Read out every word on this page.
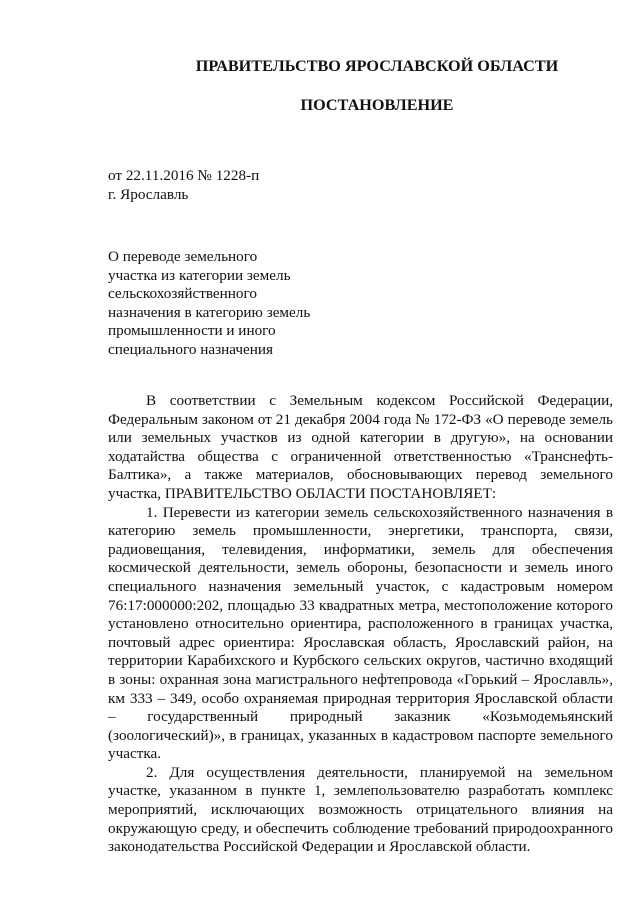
ПРАВИТЕЛЬСТВО ЯРОСЛАВСКОЙ ОБЛАСТИ
ПОСТАНОВЛЕНИЕ
от 22.11.2016 № 1228-п
г. Ярославль
О переводе земельного
участка из категории земель
сельскохозяйственного
назначения в категорию земель
промышленности и иного
специального назначения

В соответствии с Земельным кодексом Российской Федерации, Федеральным законом от 21 декабря 2004 года № 172-ФЗ «О переводе земель или земельных участков из одной категории в другую», на основании ходатайства общества с ограниченной ответственностью «Транснефть-Балтика», а также материалов, обосновывающих перевод земельного участка, ПРАВИТЕЛЬСТВО ОБЛАСТИ ПОСТАНОВЛЯЕТ:

1. Перевести из категории земель сельскохозяйственного назначения в категорию земель промышленности, энергетики, транспорта, связи, радиовещания, телевидения, информатики, земель для обеспечения космической деятельности, земель обороны, безопасности и земель иного специального назначения земельный участок, с кадастровым номером 76:17:000000:202, площадью 33 квадратных метра, местоположение которого установлено относительно ориентира, расположенного в границах участка, почтовый адрес ориентира: Ярославская область, Ярославский район, на территории Карабихского и Курбского сельских округов, частично входящий в зоны: охранная зона магистрального нефтепровода «Горький – Ярославль», км 333 – 349, особо охраняемая природная территория Ярославской области – государственный природный заказник «Козьмодемьянский (зоологический)», в границах, указанных в кадастровом паспорте земельного участка.

2. Для осуществления деятельности, планируемой на земельном участке, указанном в пункте 1, землепользователю разработать комплекс мероприятий, исключающих возможность отрицательного влияния на окружающую среду, и обеспечить соблюдение требований природоохранного законодательства Российской Федерации и Ярославской области.
